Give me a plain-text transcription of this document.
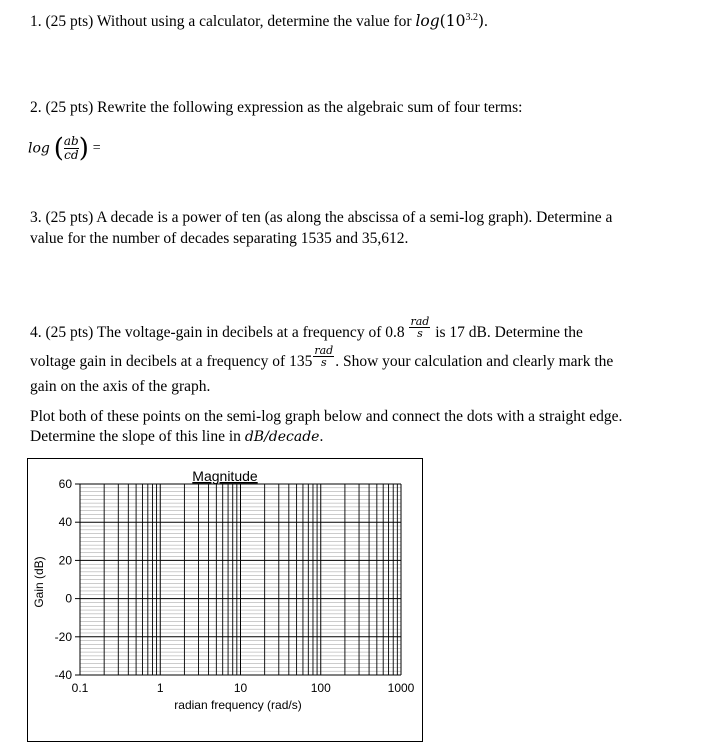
1. (25 pts) Without using a calculator, determine the value for $\log(10^{3.2})$.
2. (25 pts) Rewrite the following expression as the algebraic sum of four terms:
log ( $\frac{ab}{cd}$) =
3. (25 pts) A decade is a power of ten (as along the abscissa of a semi-log graph). Determine a
value for the number of decades separating 1535 and 35,612.
4. (25 pts) The voltage-gain in decibels at a frequency of $0.8 \frac{\text{rad}}{s}$ is 17 dB. Determine the
voltage gain in decibels at a frequency of $135 \frac{\text{rad}}{s}$ . Show your calculation and clearly mark the
gain on the axis of the graph.
Plot both of these points on the semi-log graph below and connect the dots with a straight edge.
Determine the slope of this line in dB/decade.
60
40
20
0
-20
-40
0.1	1	10	100	1000
Magnitude
radian frequency (rad/s)
Gain (dB)
